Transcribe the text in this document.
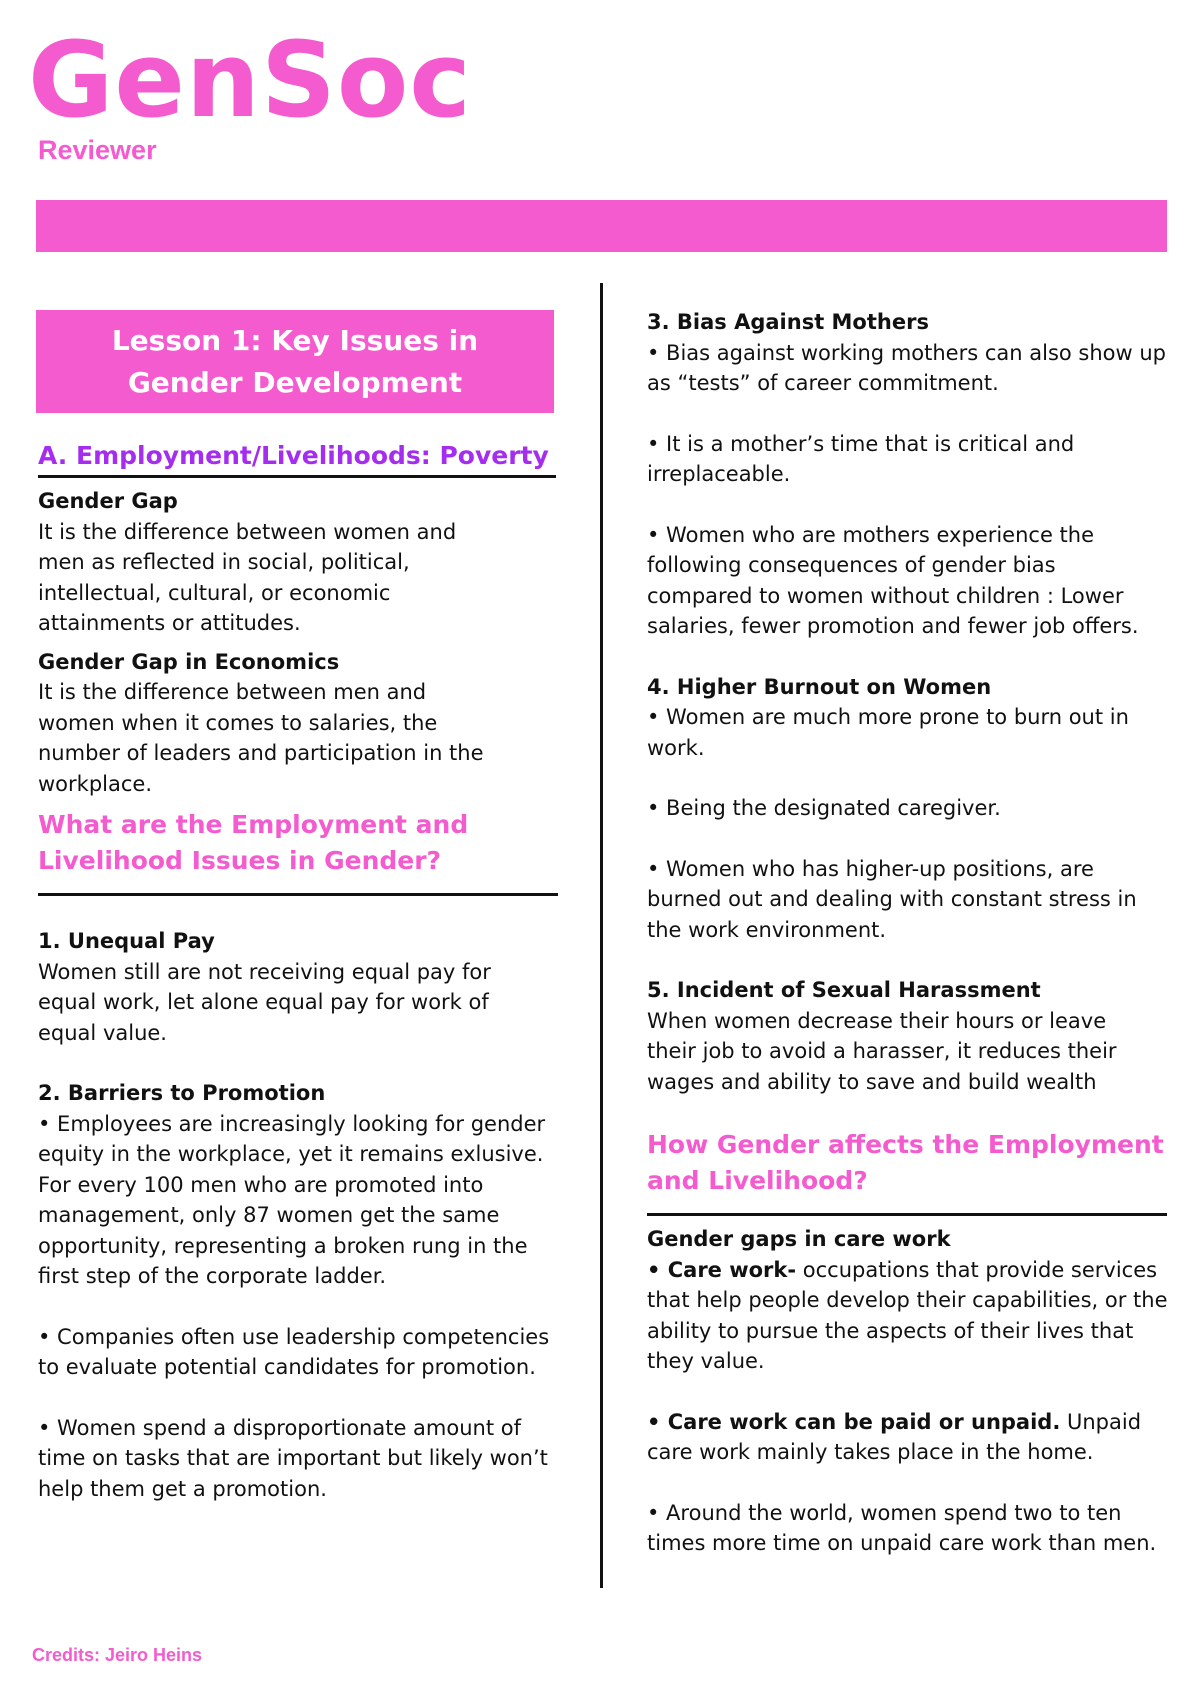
GenSoc
Reviewer
Lesson 1: Key Issues in Gender Development
A. Employment/Livelihoods: Poverty
Gender Gap

It is the difference between women and men as reflected in social, political, intellectual, cultural, or economic attainments or attitudes.

Gender Gap in Economics

It is the difference between men and women when it comes to salaries, the number of leaders and participation in the workplace.

What are the Employment and Livelihood Issues in Gender?
1. Unequal Pay

Women still are not receiving equal pay for equal work, let alone equal pay for work of equal value.

2. Barriers to Promotion

• Employees are increasingly looking for gender equity in the workplace, yet it remains exlusive. For every 100 men who are promoted into management, only 87 women get the same opportunity, representing a broken rung in the first step of the corporate ladder.

• Companies often use leadership competencies to evaluate potential candidates for promotion.

• Women spend a disproportionate amount of time on tasks that are important but likely won’t help them get a promotion.

3. Bias Against Mothers

• Bias against working mothers can also show up as “tests” of career commitment.

• It is a mother’s time that is critical and irreplaceable.

• Women who are mothers experience the following consequences of gender bias compared to women without children : Lower salaries, fewer promotion and fewer job offers.

4. Higher Burnout on Women

• Women are much more prone to burn out in work.

• Being the designated caregiver.

• Women who has higher-up positions, are burned out and dealing with constant stress in the work environment.

5. Incident of Sexual Harassment

When women decrease their hours or leave their job to avoid a harasser, it reduces their wages and ability to save and build wealth

How Gender affects the Employment and Livelihood?
Gender gaps in care work

• Care work- occupations that provide services that help people develop their capabilities, or the ability to pursue the aspects of their lives that they value.

• Care work can be paid or unpaid. Unpaid care work mainly takes place in the home.

• Around the world, women spend two to ten times more time on unpaid care work than men.

Credits: Jeiro Heins
